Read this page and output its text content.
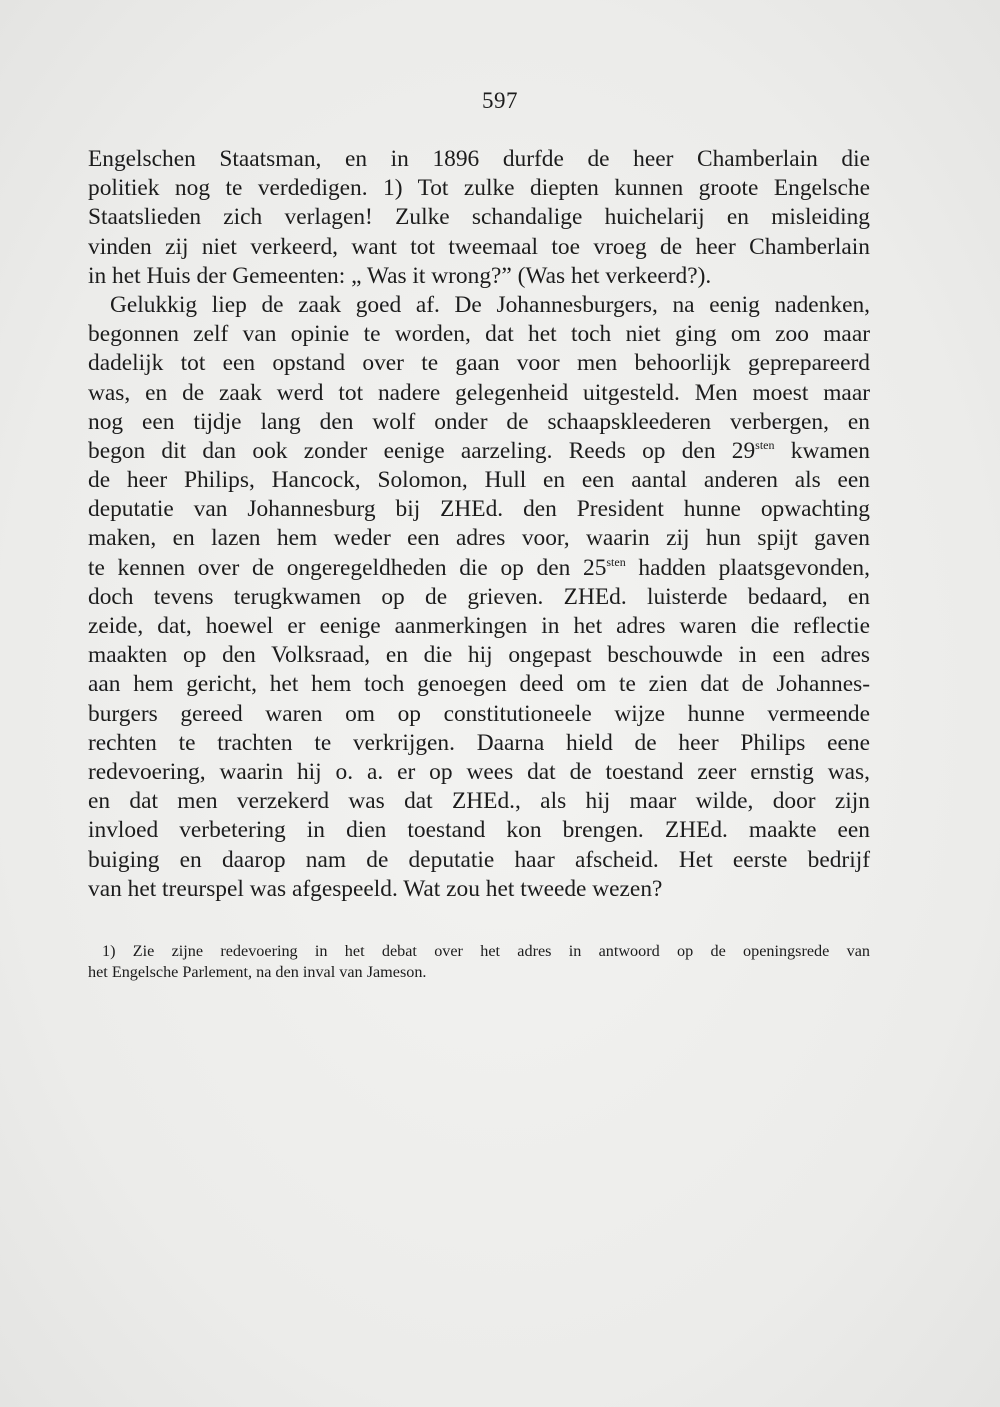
597
Engelschen Staatsman, en in 1896 durfde de heer Chamberlain die
politiek nog te verdedigen. 1) Tot zulke diepten kunnen groote Engelsche
Staatslieden zich verlagen! Zulke schandalige huichelarij en misleiding
vinden zij niet verkeerd, want tot tweemaal toe vroeg de heer Chamberlain
in het Huis der Gemeenten: „ Was it wrong?” (Was het verkeerd?).
Gelukkig liep de zaak goed af. De Johannesburgers, na eenig nadenken,
begonnen zelf van opinie te worden, dat het toch niet ging om zoo maar
dadelijk tot een opstand over te gaan voor men behoorlijk geprepareerd
was, en de zaak werd tot nadere gelegenheid uitgesteld. Men moest maar
nog een tijdje lang den wolf onder de schaapskleederen verbergen, en
begon dit dan ook zonder eenige aarzeling. Reeds op den $29^{sten}$ kwamen
de heer Philips, Hancock, Solomon, Hull en een aantal anderen als een
deputatie van Johannesburg bij ZHEd. den President hunne opwachting
maken, en lazen hem weder een adres voor, waarin zij hun spijt gaven
te kennen over de ongeregeldheden die op den $25^{sten}$ hadden plaatsgevonden,
doch tevens terugkwamen op de grieven. ZHEd. luisterde bedaard, en
zeide, dat, hoewel er eenige aanmerkingen in het adres waren die reflectie
maakten op den Volksraad, en die hij ongepast beschouwde in een adres
aan hem gericht, het hem toch genoegen deed om te zien dat de Johannes-
burgers gereed waren om op constitutioneele wijze hunne vermeende
rechten te trachten te verkrijgen. Daarna hield de heer Philips eene
redevoering, waarin hij o. a. er op wees dat de toestand zeer ernstig was,
en dat men verzekerd was dat ZHEd., als hij maar wilde, door zijn
invloed verbetering in dien toestand kon brengen. ZHEd. maakte een
buiging en daarop nam de deputatie haar afscheid. Het eerste bedrijf
van het treurspel was afgespeeld. Wat zou het tweede wezen?
1) Zie zijne redevoering in het debat over het adres in antwoord op de openingsrede van
het Engelsche Parlement, na den inval van Jameson.
